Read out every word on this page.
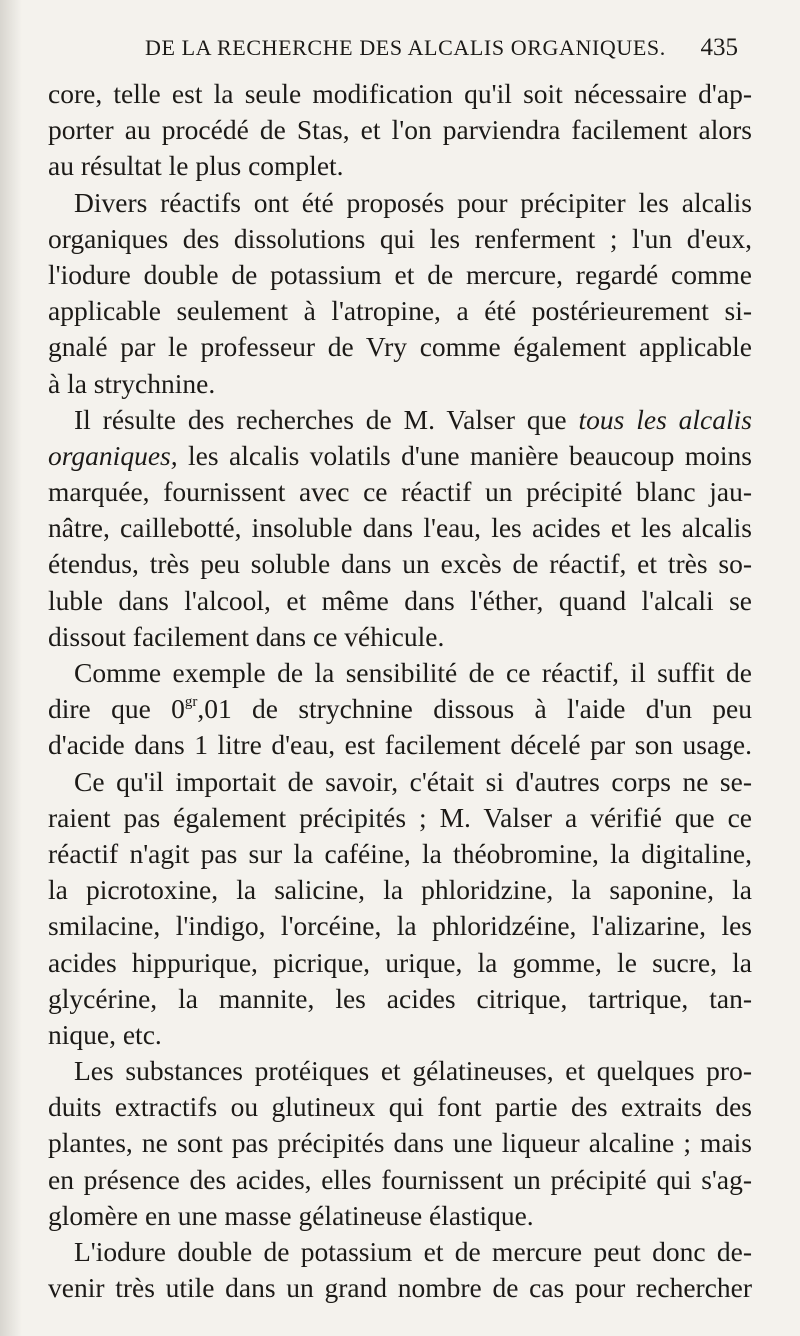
DE LA RECHERCHE DES ALCALIS ORGANIQUES. 435
core, telle est la seule modification qu'il soit nécessaire d'ap-
porter au procédé de Stas, et l'on parviendra facilement alors
au résultat le plus complet.
Divers réactifs ont été proposés pour précipiter les alcalis
organiques des dissolutions qui les renferment ; l'un d'eux,
l'iodure double de potassium et de mercure, regardé comme
applicable seulement à l'atropine, a été postérieurement si-
gnalé par le professeur de Vry comme également applicable
à la strychnine.
Il résulte des recherches de M. Valser que tous les alcalis
organiques, les alcalis volatils d'une manière beaucoup moins
marquée, fournissent avec ce réactif un précipité blanc jau-
nâtre, caillebotté, insoluble dans l'eau, les acides et les alcalis
étendus, très peu soluble dans un excès de réactif, et très so-
luble dans l'alcool, et même dans l'éther, quand l'alcali se
dissout facilement dans ce véhicule.
Comme exemple de la sensibilité de ce réactif, il suffit de
dire que $0^{gr},01$ de strychnine dissous à l'aide d'un peu
d'acide dans 1 litre d'eau, est facilement décelé par son usage.
Ce qu'il importait de savoir, c'était si d'autres corps ne se-
raient pas également précipités ; M. Valser a vérifié que ce
réactif n'agit pas sur la caféine, la théobromine, la digitaline,
la picrotoxine, la salicine, la phloridzine, la saponine, la
smilacine, l'indigo, l'orcéine, la phloridzéine, l'alizarine, les
acides hippurique, picrique, urique, la gomme, le sucre, la
glycérine, la mannite, les acides citrique, tartrique, tan-
nique, etc.
Les substances protéiques et gélatineuses, et quelques pro-
duits extractifs ou glutineux qui font partie des extraits des
plantes, ne sont pas précipités dans une liqueur alcaline ; mais
en présence des acides, elles fournissent un précipité qui s'ag-
glomère en une masse gélatineuse élastique.
L'iodure double de potassium et de mercure peut donc de-
venir très utile dans un grand nombre de cas pour rechercher
